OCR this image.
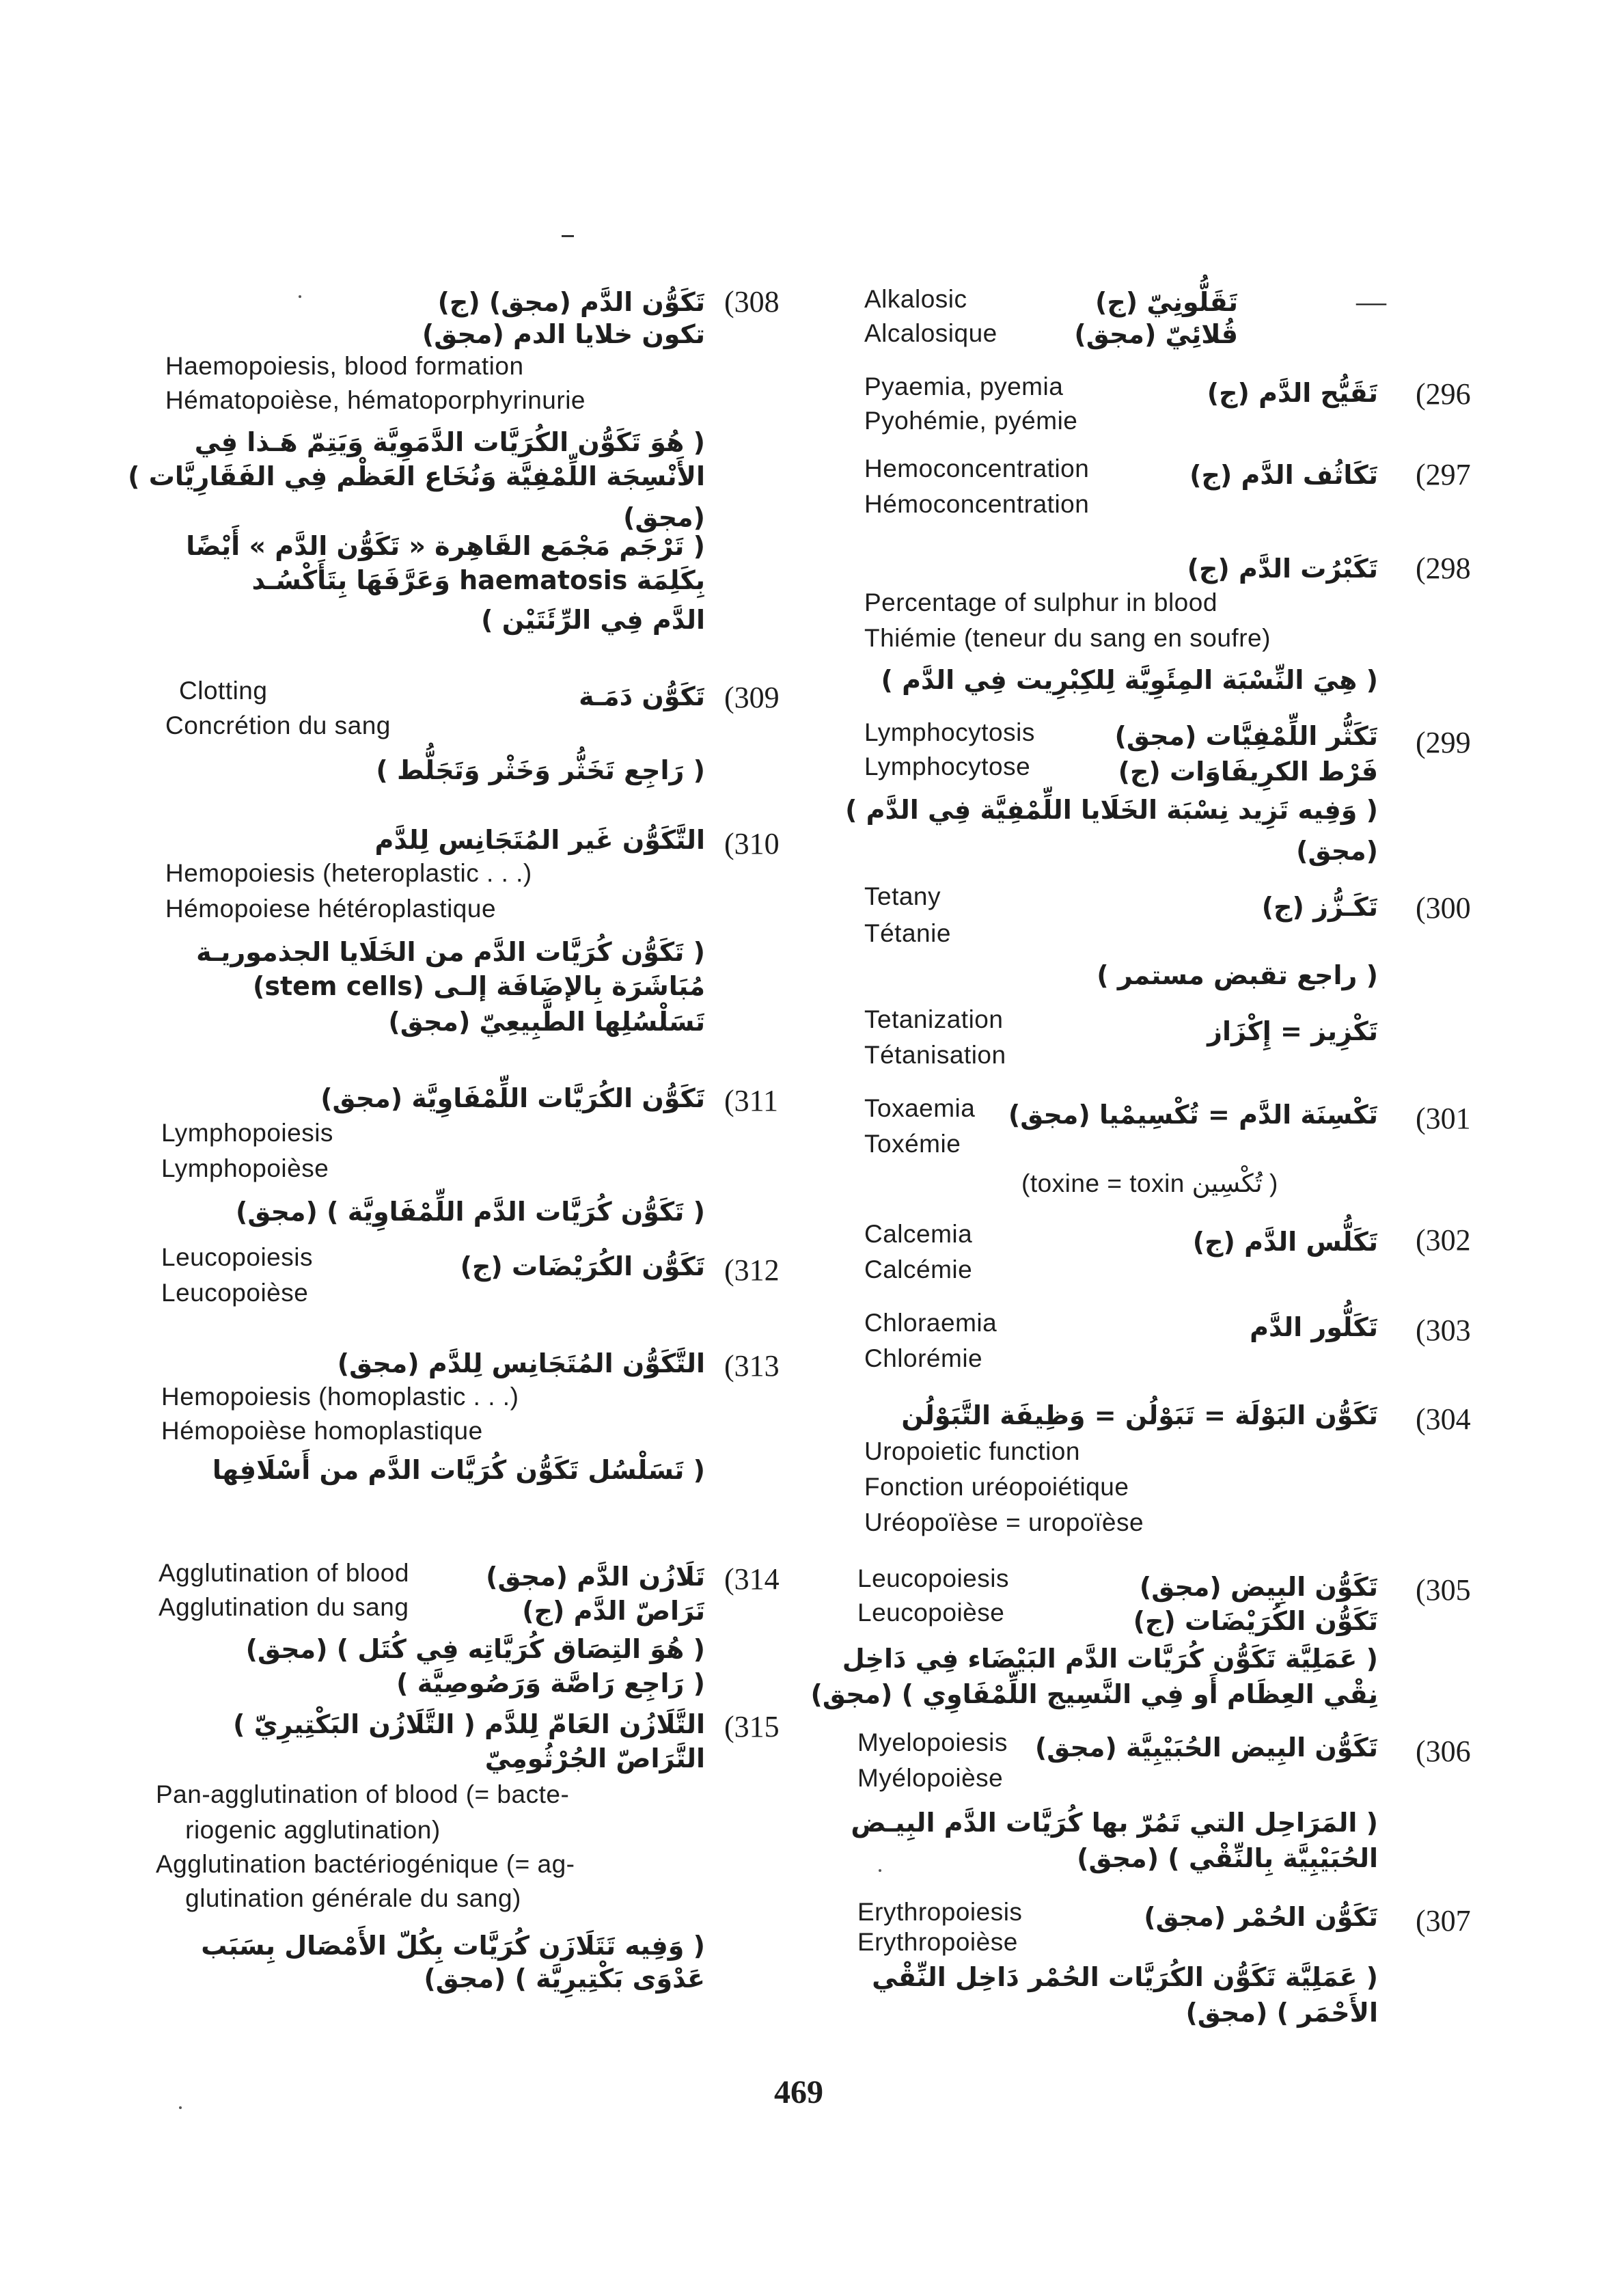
—
تَقَلُّونِيّ (ج)
قُلائِيّ (مجق)
Alkalosic
Alcalosique
(296
تَقَيُّح الدَّم (ج)
Pyaemia, pyemia
Pyohémie, pyémie
(297
تَكَاثُف الدَّم (ج)
Hemoconcentration
Hémoconcentration
(298
تَكَبْرُت الدَّم (ج)
Percentage of sulphur in blood
Thiémie (teneur du sang en soufre)
( هِيَ النِّسْبَة المِئَوِيَّة لِلكِبْرِيت فِي الدَّم )
(299
تَكَثُّر اللِّمْفِيَّات (مجق)
فَرْط الكرِيفَاوَات (ج)
Lymphocytosis
Lymphocytose
( وَفِيه تَزِيد نِسْبَة الخَلَايا اللِّمْفِيَّة فِي الدَّم )
(مجق)
(300
تَكَـزُّز (ج)
Tetany
Tétanie
( راجع تقبض مستمر )
تَكْزِيز = إِكْزَاز
Tetanization
Tétanisation
(301
تَكْسِنَة الدَّم = تُكْسِيمْيا (مجق)
Toxaemia
Toxémie
(toxine = toxin تُكْسِين )
(302
تَكَلُّس الدَّم (ج)
Calcemia
Calcémie
(303
تَكَلُّور الدَّم
Chloraemia
Chlorémie
(304
تَكَوُّن البَوْلَة = تَبَوْلُن = وَظِيفَة التَّبَوْلُن
Uropoietic function
Fonction uréopoiétique
Uréopoïèse = uropoïèse
(305
تَكَوُّن البِيض (مجق)
تَكَوُّن الكُرَيْضَات (ج)
Leucopoiesis
Leucopoièse
( عَمَلِيَّة تَكَوُّن كُرَيَّات الدَّم البَيْضَاء فِي دَاخِل
نِقْي العِظَام أَو فِي النَّسِيج اللِّمْفَاوِي ) (مجق)
(306
تَكَوُّن البِيض الحُبَيْبِيَّة (مجق)
Myelopoiesis
Myélopoièse
( المَرَاحِل التي تَمُرّ بها كُرَيَّات الدَّم البِيـض
الحُبَيْبِيَّة بِالنِّقْي ) (مجق)
(307
تَكَوُّن الحُمْر (مجق)
Erythropoiesis
Erythropoièse
( عَمَلِيَّة تَكَوُّن الكُرَيَّات الحُمْر دَاخِل النِّقْي
الأَحْمَر ) (مجق)
(308
تَكَوُّن الدَّم (مجق) (ج)
تكون خلايا الدم (مجق)
Haemopoiesis, blood formation
Hématopoièse, hématoporphyrinurie
( هُوَ تَكَوُّن الكُرَيَّات الدَّمَوِيَّة وَيَتِمّ هَـذا فِي
الأَنْسِجَة اللِّمْفِيَّة وَنُخَاع العَظْم فِي الفَقَارِيَّات )
(مجق)
( تَرْجَم مَجْمَع القَاهِرة « تَكَوُّن الدَّم » أَيْضًا
بِكَلِمَة haematosis وَعَرَّفَهَا بِتَأَكْسُـد
الدَّم فِي الرِّئَتَيْن )
(309
تَكَوُّن دَمَـة
Clotting
Concrétion du sang
( رَاجِع تَخَثُّر وَخَثْر وَتَجَلُّط )
(310
التَّكَوُّن غَير المُتَجَانِس لِلدَّم
Hemopoiesis (heteroplastic . . .)
Hémopoiese hétéroplastique
( تَكَوُّن كُرَيَّات الدَّم من الخَلَايا الجذموريـة
مُبَاشَرَة بِالإضَافَة إلـى (stem cells)
تَسَلْسُلِها الطَّبِيعِيّ (مجق)
(311
تَكَوُّن الكُرَيَّات اللِّمْفَاوِيَّة (مجق)
Lymphopoiesis
Lymphopoièse
( تَكَوُّن كُرَيَّات الدَّم اللِّمْفَاوِيَّة ) (مجق)
(312
تَكَوُّن الكُرَيْضَات (ج)
Leucopoiesis
Leucopoièse
(313
التَّكَوُّن المُتَجَانِس لِلدَّم (مجق)
Hemopoiesis (homoplastic . . .)
Hémopoièse homoplastique
( تَسَلْسُل تَكَوُّن كُرَيَّات الدَّم من أَسْلَافِها
(314
تَلَازُن الدَّم (مجق)
تَرَاصّ الدَّم (ج)
Agglutination of blood
Agglutination du sang
( هُوَ التِصَاق كُرَيَّاتِه فِي كُتَل ) (مجق)
( رَاجِع رَاصَّة وَرَصُوصِيَّة )
(315
التَّلَازُن العَامّ لِلدَّم ( التَّلَازُن البَكْتِيرِيّ )
التَّرَاصّ الجُرْثُومِيّ
Pan-agglutination of blood (= bacte-
riogenic agglutination)
Agglutination bactériogénique (= ag-
glutination générale du sang)
( وَفِيه تَتَلَازَن كُرَيَّات بِكُلّ الأَمْصَال بِسَبَب
عَدْوَى بَكْتِيرِيَّة ) (مجق)
469
